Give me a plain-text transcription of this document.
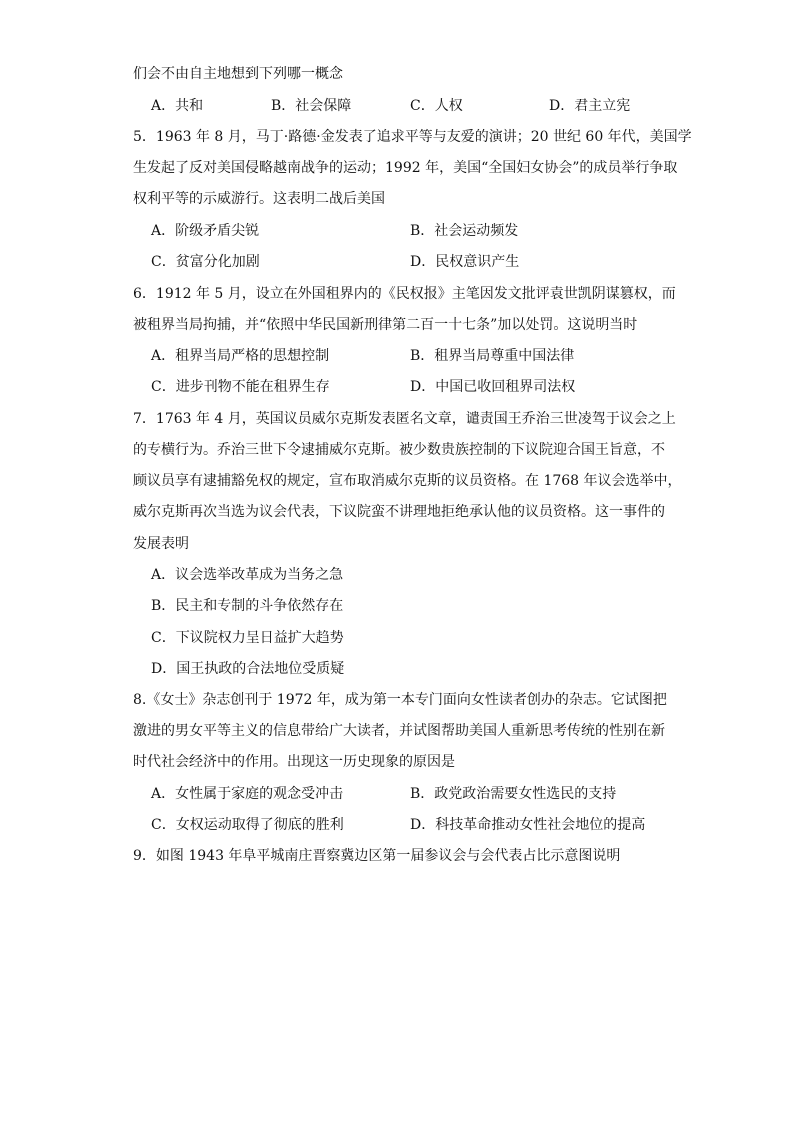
们会不由自主地想到下列哪一概念
A．共和	B．社会保障	C．人权	D．君主立宪
5．1963 年 8 月，马丁·路德·金发表了追求平等与友爱的演讲；20 世纪 60 年代，美国学
生发起了反对美国侵略越南战争的运动；1992 年，美国“全国妇女协会”的成员举行争取
权利平等的示威游行。这表明二战后美国
A．阶级矛盾尖锐	B．社会运动频发
C．贫富分化加剧	D．民权意识产生
6．1912 年 5 月，设立在外国租界内的《民权报》主笔因发文批评袁世凯阴谋篡权，而
被租界当局拘捕，并“依照中华民国新刑律第二百一十七条”加以处罚。这说明当时
A．租界当局严格的思想控制	B．租界当局尊重中国法律
C．进步刊物不能在租界生存	D．中国已收回租界司法权
7．1763 年 4 月，英国议员威尔克斯发表匿名文章，谴责国王乔治三世凌驾于议会之上
的专横行为。乔治三世下令逮捕威尔克斯。被少数贵族控制的下议院迎合国王旨意，不
顾议员享有逮捕豁免权的规定，宣布取消威尔克斯的议员资格。在 1768 年议会选举中，
威尔克斯再次当选为议会代表，下议院蛮不讲理地拒绝承认他的议员资格。这一事件的
发展表明
A．议会选举改革成为当务之急
B．民主和专制的斗争依然存在
C．下议院权力呈日益扩大趋势
D．国王执政的合法地位受质疑
8.《女士》杂志创刊于 1972 年，成为第一本专门面向女性读者创办的杂志。它试图把
激进的男女平等主义的信息带给广大读者，并试图帮助美国人重新思考传统的性别在新
时代社会经济中的作用。出现这一历史现象的原因是
A．女性属于家庭的观念受冲击	B．政党政治需要女性选民的支持
C．女权运动取得了彻底的胜利	D．科技革命推动女性社会地位的提高
9．如图 1943 年阜平城南庄晋察冀边区第一届参议会与会代表占比示意图说明
